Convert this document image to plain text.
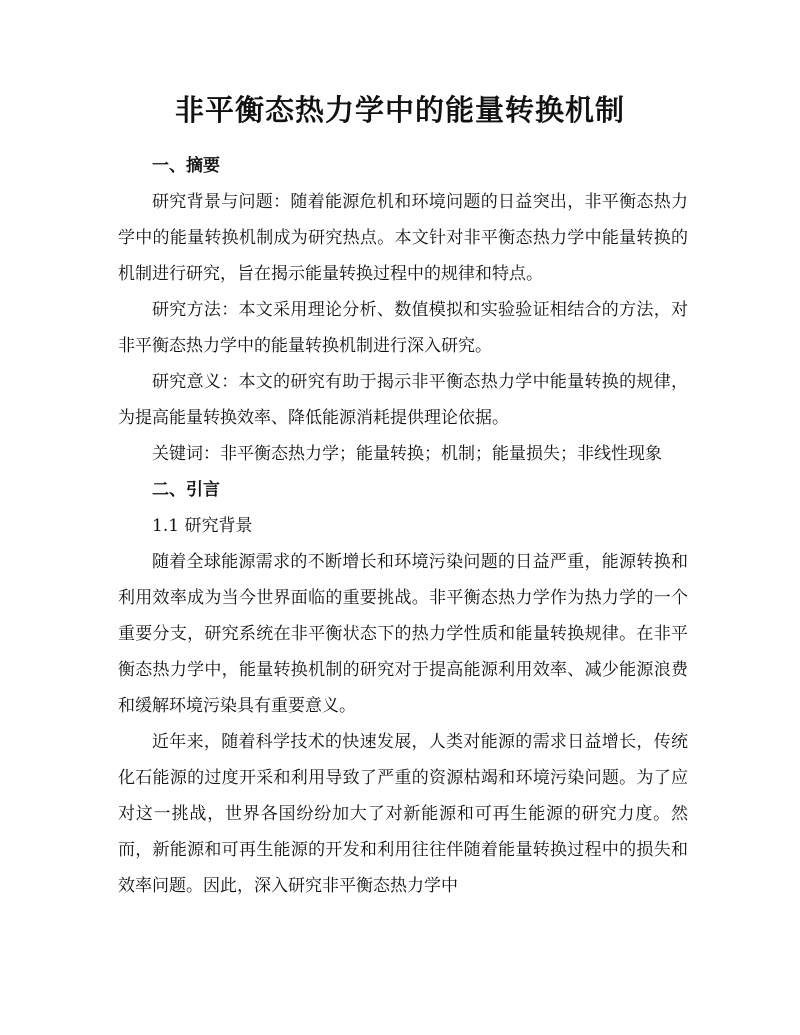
非平衡态热力学中的能量转换机制
一、摘要

研究背景与问题：随着能源危机和环境问题的日益突出，非平衡态热力学中的能量转换机制成为研究热点。本文针对非平衡态热力学中能量转换的机制进行研究，旨在揭示能量转换过程中的规律和特点。

研究方法：本文采用理论分析、数值模拟和实验验证相结合的方法，对非平衡态热力学中的能量转换机制进行深入研究。

研究意义：本文的研究有助于揭示非平衡态热力学中能量转换的规律，为提高能量转换效率、降低能源消耗提供理论依据。

关键词：非平衡态热力学；能量转换；机制；能量损失；非线性现象

二、引言
1.1 研究背景

随着全球能源需求的不断增长和环境污染问题的日益严重，能源转换和利用效率成为当今世界面临的重要挑战。非平衡态热力学作为热力学的一个重要分支，研究系统在非平衡状态下的热力学性质和能量转换规律。在非平衡态热力学中，能量转换机制的研究对于提高能源利用效率、减少能源浪费和缓解环境污染具有重要意义。

近年来，随着科学技术的快速发展，人类对能源的需求日益增长，传统化石能源的过度开采和利用导致了严重的资源枯竭和环境污染问题。为了应对这一挑战，世界各国纷纷加大了对新能源和可再生能源的研究力度。然而，新能源和可再生能源的开发和利用往往伴随着能量转换过程中的损失和效率问题。因此，深入研究非平衡态热力学中
